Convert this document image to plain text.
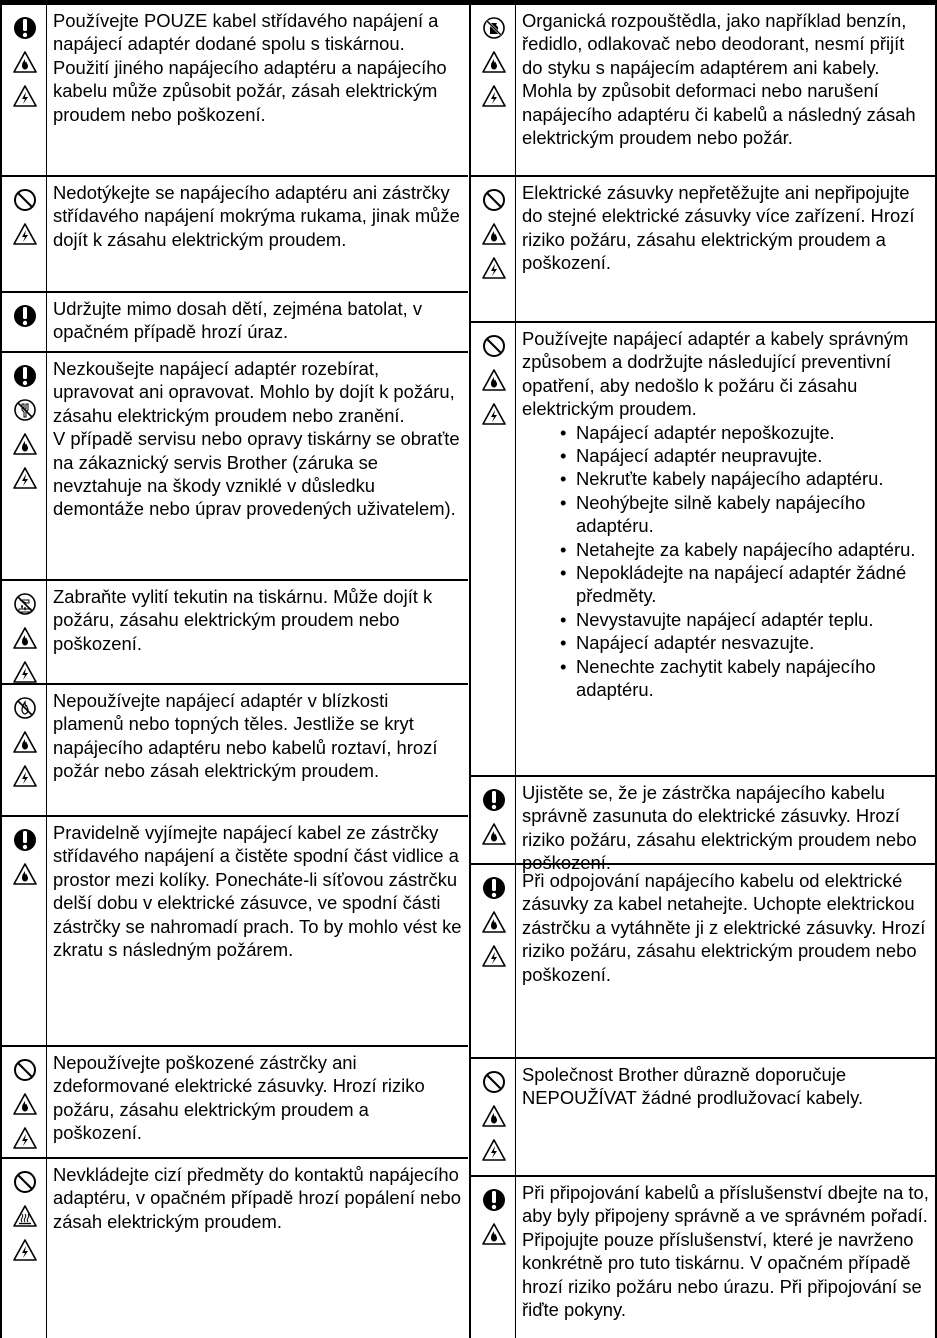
Používejte POUZE kabel střídavého napájení a napájecí adaptér dodané spolu s tiskárnou.

Použití jiného napájecího adaptéru a napájecího kabelu může způsobit požár, zásah elektrickým proudem nebo poškození.

Nedotýkejte se napájecího adaptéru ani zástrčky střídavého napájení mokrýma rukama, jinak může dojít k zásahu elektrickým proudem.

Udržujte mimo dosah dětí, zejména batolat, v opačném případě hrozí úraz.

Nezkoušejte napájecí adaptér rozebírat, upravovat ani opravovat. Mohlo by dojít k požáru, zásahu elektrickým proudem nebo zranění.

V případě servisu nebo opravy tiskárny se obraťte na zákaznický servis Brother (záruka se nevztahuje na škody vzniklé v důsledku demontáže nebo úprav provedených uživatelem).

Zabraňte vylití tekutin na tiskárnu. Může dojít k požáru, zásahu elektrickým proudem nebo poškození.

Nepoužívejte napájecí adaptér v blízkosti plamenů nebo topných těles. Jestliže se kryt napájecího adaptéru nebo kabelů roztaví, hrozí požár nebo zásah elektrickým proudem.

Pravidelně vyjímejte napájecí kabel ze zástrčky střídavého napájení a čistěte spodní část vidlice a prostor mezi kolíky. Ponecháte-li síťovou zástrčku delší dobu v elektrické zásuvce, ve spodní části zástrčky se nahromadí prach. To by mohlo vést ke zkratu s následným požárem.

Nepoužívejte poškozené zástrčky ani zdeformované elektrické zásuvky. Hrozí riziko požáru, zásahu elektrickým proudem a poškození.

Nevkládejte cizí předměty do kontaktů napájecího adaptéru, v opačném případě hrozí popálení nebo zásah elektrickým proudem.

Organická rozpouštědla, jako například benzín, ředidlo, odlakovač nebo deodorant, nesmí přijít do styku s napájecím adaptérem ani kabely. Mohla by způsobit deformaci nebo narušení napájecího adaptéru či kabelů a následný zásah elektrickým proudem nebo požár.

Elektrické zásuvky nepřetěžujte ani nepřipojujte do stejné elektrické zásuvky více zařízení. Hrozí riziko požáru, zásahu elektrickým proudem a poškození.

Používejte napájecí adaptér a kabely správným způsobem a dodržujte následující preventivní opatření, aby nedošlo k požáru či zásahu elektrickým proudem.

• Napájecí adaptér nepoškozujte.
• Napájecí adaptér neupravujte.
• Nekruťte kabely napájecího adaptéru.
• Neohýbejte silně kabely napájecího adaptéru.
• Netahejte za kabely napájecího adaptéru.
• Nepokládejte na napájecí adaptér žádné předměty.
• Nevystavujte napájecí adaptér teplu.
• Napájecí adaptér nesvazujte.
• Nenechte zachytit kabely napájecího adaptéru.

Ujistěte se, že je zástrčka napájecího kabelu správně zasunuta do elektrické zásuvky. Hrozí riziko požáru, zásahu elektrickým proudem nebo poškození.

Při odpojování napájecího kabelu od elektrické zásuvky za kabel netahejte. Uchopte elektrickou zástrčku a vytáhněte ji z elektrické zásuvky. Hrozí riziko požáru, zásahu elektrickým proudem nebo poškození.

Společnost Brother důrazně doporučuje NEPOUŽÍVAT žádné prodlužovací kabely.

Při připojování kabelů a příslušenství dbejte na to, aby byly připojeny správně a ve správném pořadí. Připojujte pouze příslušenství, které je navrženo konkrétně pro tuto tiskárnu. V opačném případě hrozí riziko požáru nebo úrazu. Při připojování se řiďte pokyny.
